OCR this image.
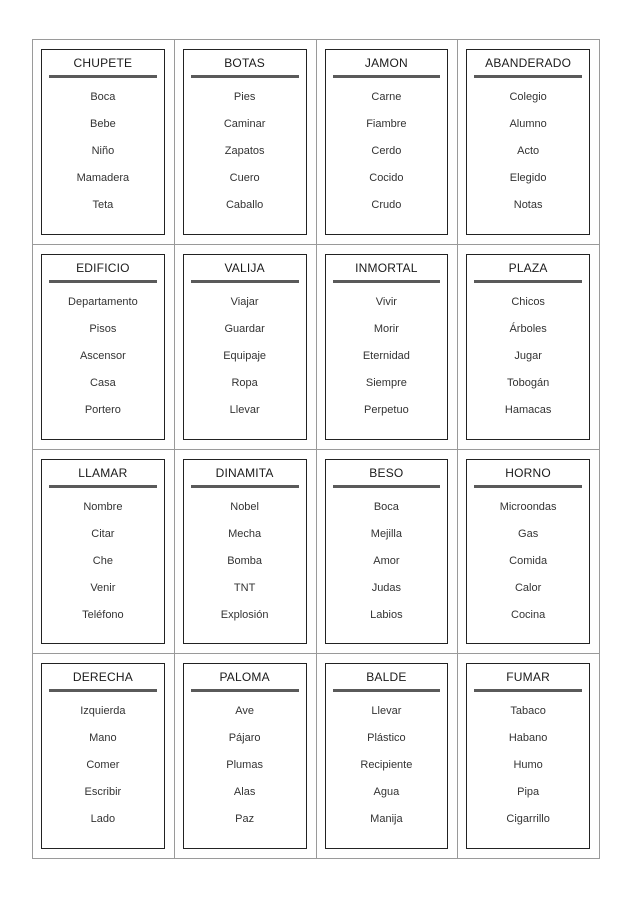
CHUPETE
Boca
Bebe
Niño
Mamadera
Teta
BOTAS
Pies
Caminar
Zapatos
Cuero
Caballo
JAMON
Carne
Fiambre
Cerdo
Cocido
Crudo
ABANDERADO
Colegio
Alumno
Acto
Elegido
Notas
EDIFICIO
Departamento
Pisos
Ascensor
Casa
Portero
VALIJA
Viajar
Guardar
Equipaje
Ropa
Llevar
INMORTAL
Vivir
Morir
Eternidad
Siempre
Perpetuo
PLAZA
Chicos
Árboles
Jugar
Tobogán
Hamacas
LLAMAR
Nombre
Citar
Che
Venir
Teléfono
DINAMITA
Nobel
Mecha
Bomba
TNT
Explosión
BESO
Boca
Mejilla
Amor
Judas
Labios
HORNO
Microondas
Gas
Comida
Calor
Cocina
DERECHA
Izquierda
Mano
Comer
Escribir
Lado
PALOMA
Ave
Pájaro
Plumas
Alas
Paz
BALDE
Llevar
Plástico
Recipiente
Agua
Manija
FUMAR
Tabaco
Habano
Humo
Pipa
Cigarrillo
